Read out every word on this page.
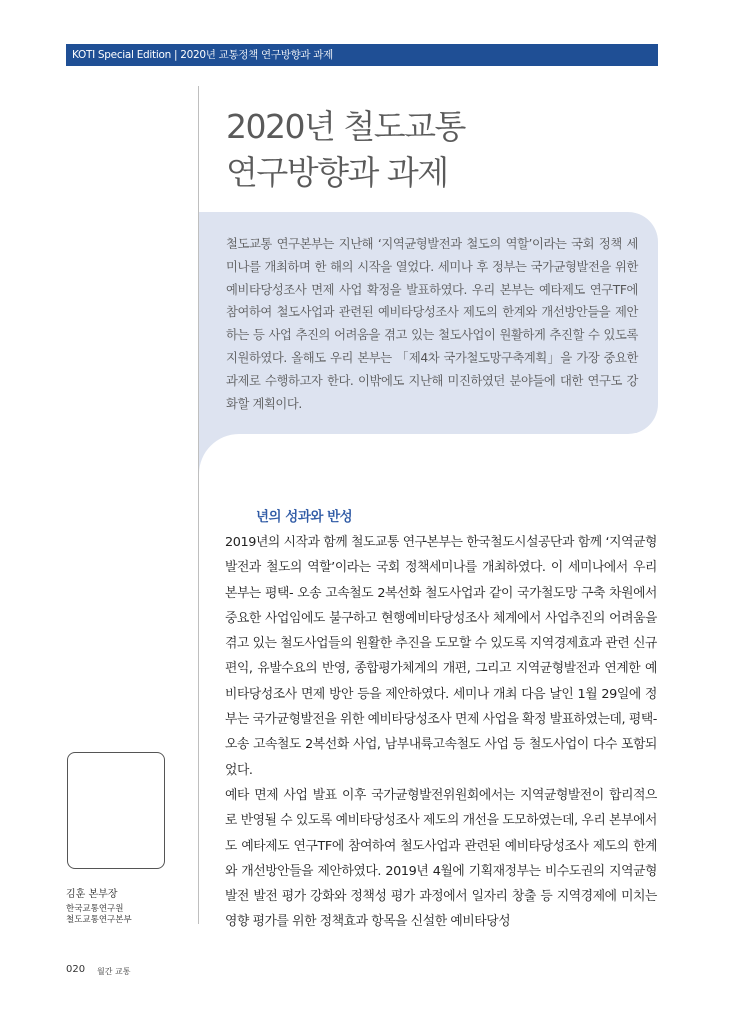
KOTI Special Edition | 2020년 교통정책 연구방향과 과제
2020년 철도교통
연구방향과 과제

철도교통 연구본부는 지난해 ‘지역균형발전과 철도의 역할’이라는 국회 정책 세미나를 개최하며 한 해의 시작을 열었다. 세미나 후 정부는 국가균형발전을 위한 예비타당성조사 면제 사업 확정을 발표하였다. 우리 본부는 예타제도 연구TF에 참여하여 철도사업과 관련된 예비타당성조사 제도의 한계와 개선방안들을 제안하는 등 사업 추진의 어려움을 겪고 있는 철도사업이 원활하게 추진할 수 있도록 지원하였다. 올해도 우리 본부는 「제4차 국가철도망구축계획」을 가장 중요한 과제로 수행하고자 한다. 이밖에도 지난해 미진하였던 분야들에 대한 연구도 강화할 계획이다.

년의 성과와 반성
2019년의 시작과 함께 철도교통 연구본부는 한국철도시설공단과 함께 ‘지역균형발전과 철도의 역할’이라는 국회 정책세미나를 개최하였다. 이 세미나에서 우리 본부는 평택- 오송 고속철도 2복선화 철도사업과 같이 국가철도망 구축 차원에서 중요한 사업임에도 불구하고 현행예비타당성조사 체계에서 사업추진의 어려움을 겪고 있는 철도사업들의 원활한 추진을 도모할 수 있도록 지역경제효과 관련 신규 편익, 유발수요의 반영, 종합평가체계의 개편, 그리고 지역균형발전과 연계한 예비타당성조사 면제 방안 등을 제안하였다. 세미나 개최 다음 날인 1월 29일에 정부는 국가균형발전을 위한 예비타당성조사 면제 사업을 확정 발표하였는데, 평택- 오송 고속철도 2복선화 사업, 남부내륙고속철도 사업 등 철도사업이 다수 포함되었다.
예타 면제 사업 발표 이후 국가균형발전위원회에서는 지역균형발전이 합리적으로 반영될 수 있도록 예비타당성조사 제도의 개선을 도모하였는데, 우리 본부에서도 예타제도 연구TF에 참여하여 철도사업과 관련된 예비타당성조사 제도의 한계와 개선방안들을 제안하였다. 2019년 4월에 기획재정부는 비수도권의 지역균형발전 발전 평가 강화와 정책성 평가 과정에서 일자리 창출 등 지역경제에 미치는 영향 평가를 위한 정책효과 항목을 신설한 예비타당성

김훈 본부장

한국교통연구원
철도교통연구본부

020 월간 교통
